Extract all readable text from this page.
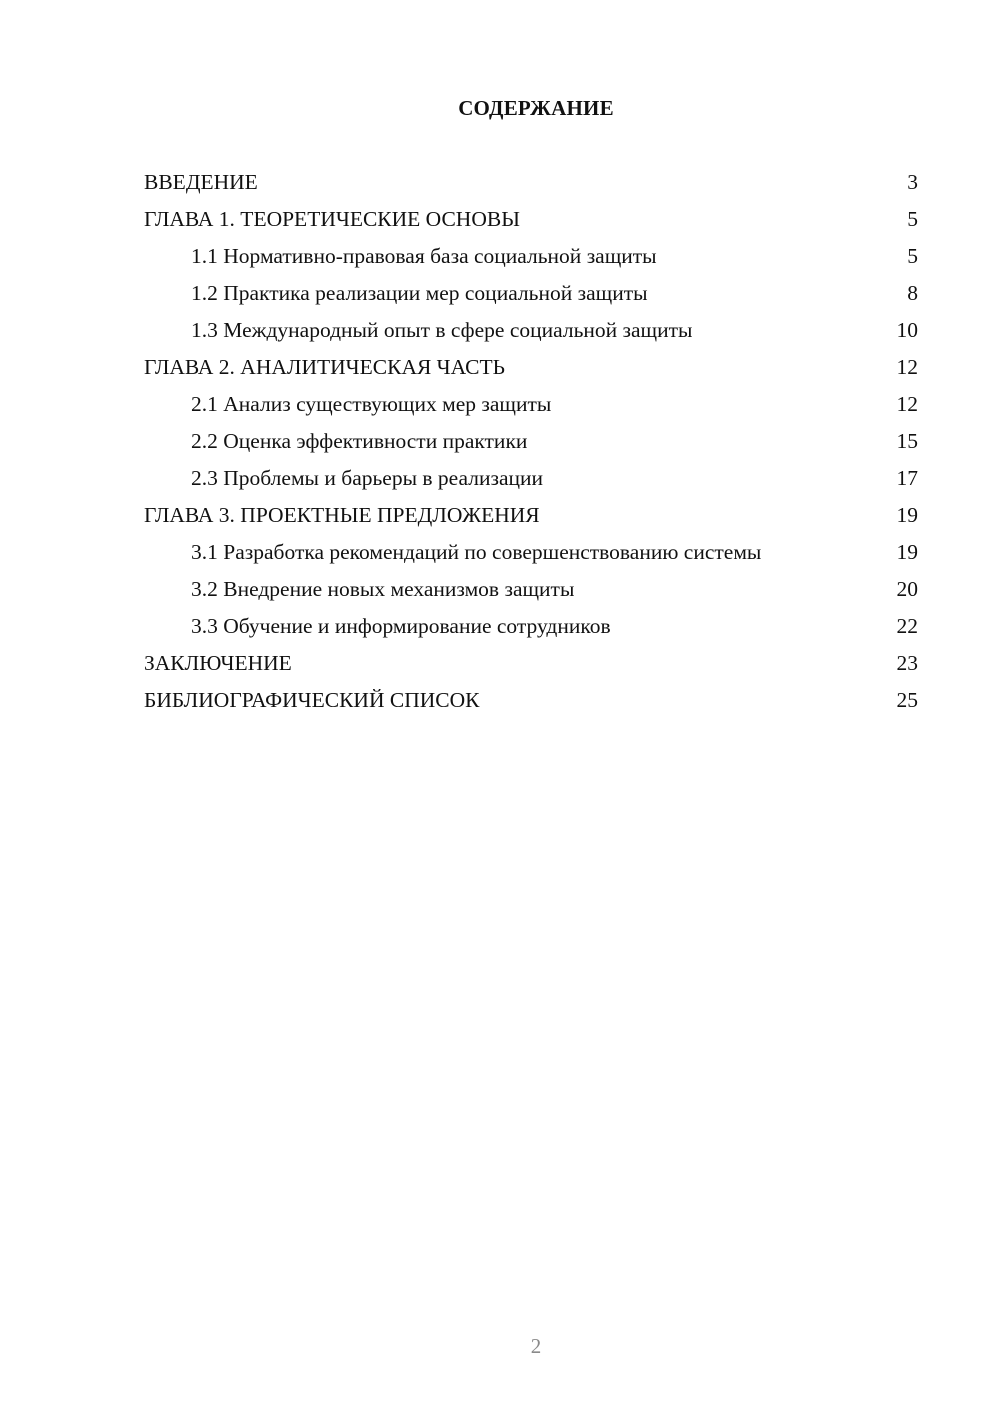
СОДЕРЖАНИЕ
ВВЕДЕНИЕ	3
ГЛАВА 1. ТЕОРЕТИЧЕСКИЕ ОСНОВЫ	5
1.1 Нормативно-правовая база социальной защиты	5
1.2 Практика реализации мер социальной защиты	8
1.3 Международный опыт в сфере социальной защиты	10
ГЛАВА 2. АНАЛИТИЧЕСКАЯ ЧАСТЬ	12
2.1 Анализ существующих мер защиты	12
2.2 Оценка эффективности практики	15
2.3 Проблемы и барьеры в реализации	17
ГЛАВА 3. ПРОЕКТНЫЕ ПРЕДЛОЖЕНИЯ	19
3.1 Разработка рекомендаций по совершенствованию системы	19
3.2 Внедрение новых механизмов защиты	20
3.3 Обучение и информирование сотрудников	22
ЗАКЛЮЧЕНИЕ	23
БИБЛИОГРАФИЧЕСКИЙ СПИСОК	25
2
